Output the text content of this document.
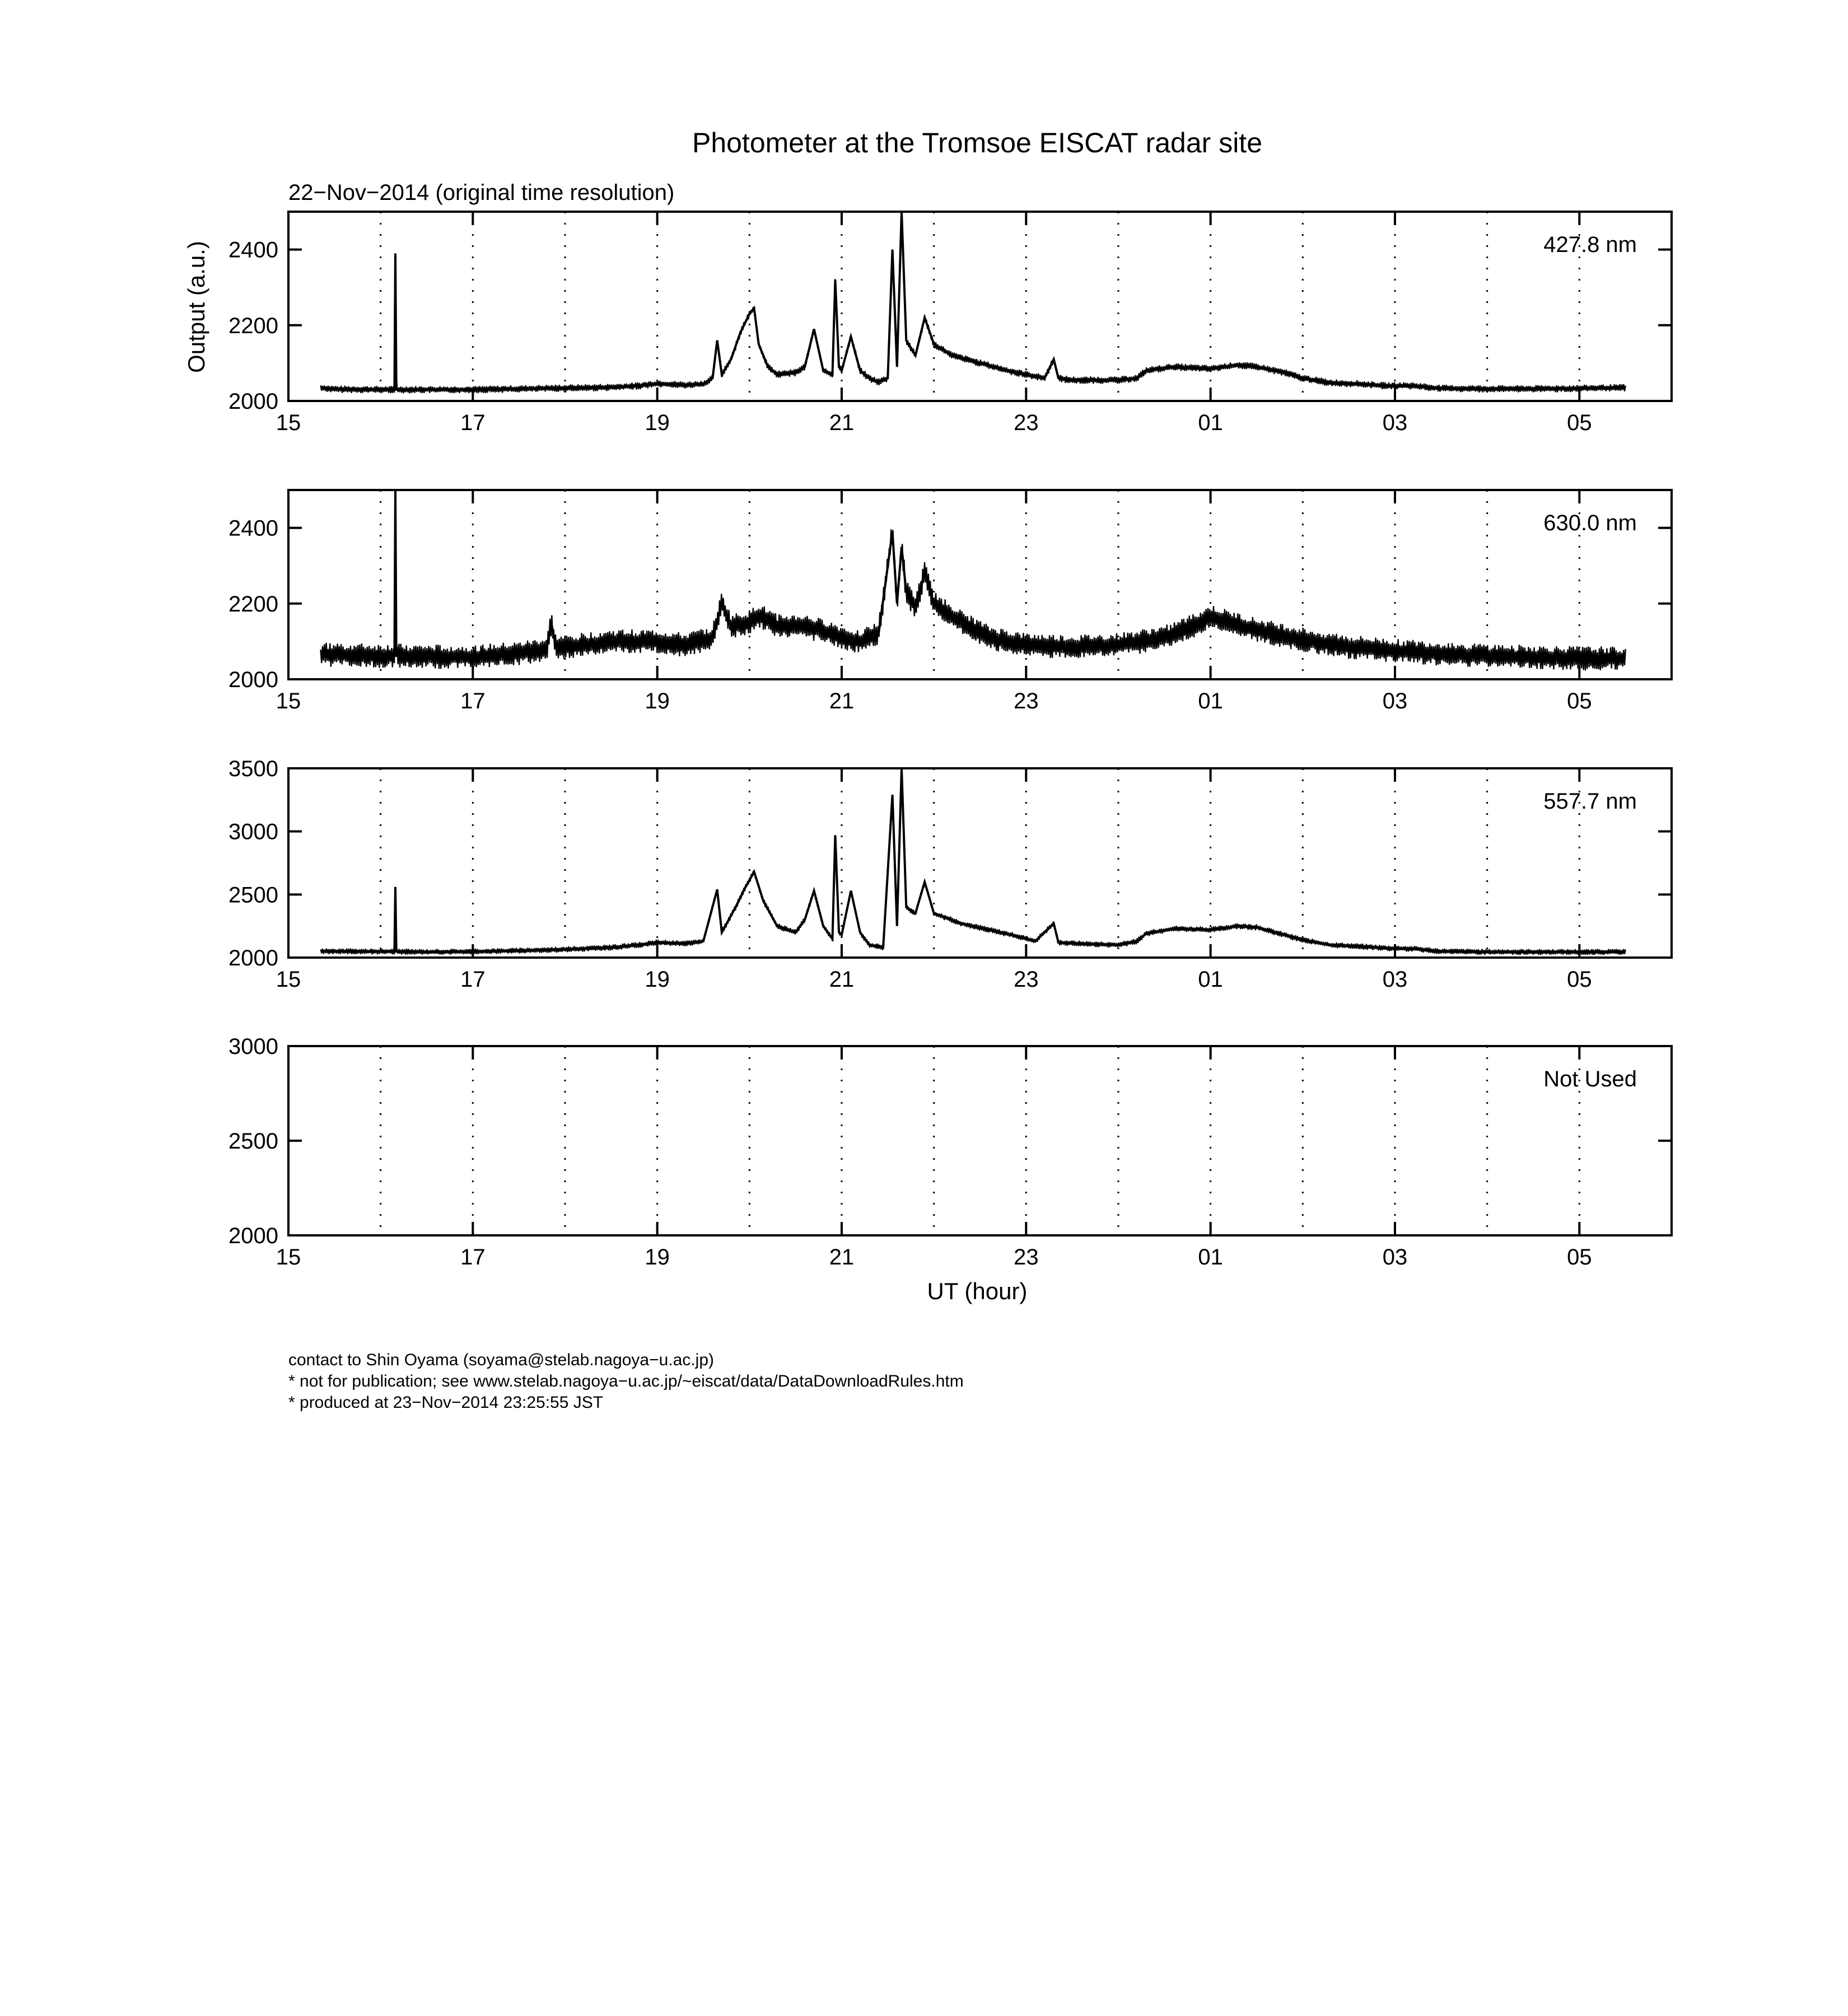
Photometer at the Tromsoe EISCAT radar site
22−Nov−2014 (original time resolution)
Output (a.u.)
UT (hour)
2000
2200
2400
15	17	19	21	23	01	03	05
427.8 nm
2000
2200
2400
15	17	19	21	23	01	03	05
630.0 nm
2000
2500
3000
3500
15	17	19	21	23	01	03	05
557.7 nm
2000
2500
3000
15	17	19	21	23	01	03	05
Not Used
contact to Shin Oyama (soyama@stelab.nagoya−u.ac.jp)
* not for publication; see www.stelab.nagoya−u.ac.jp/~eiscat/data/DataDownloadRules.htm
* produced at 23−Nov−2014 23:25:55 JST
